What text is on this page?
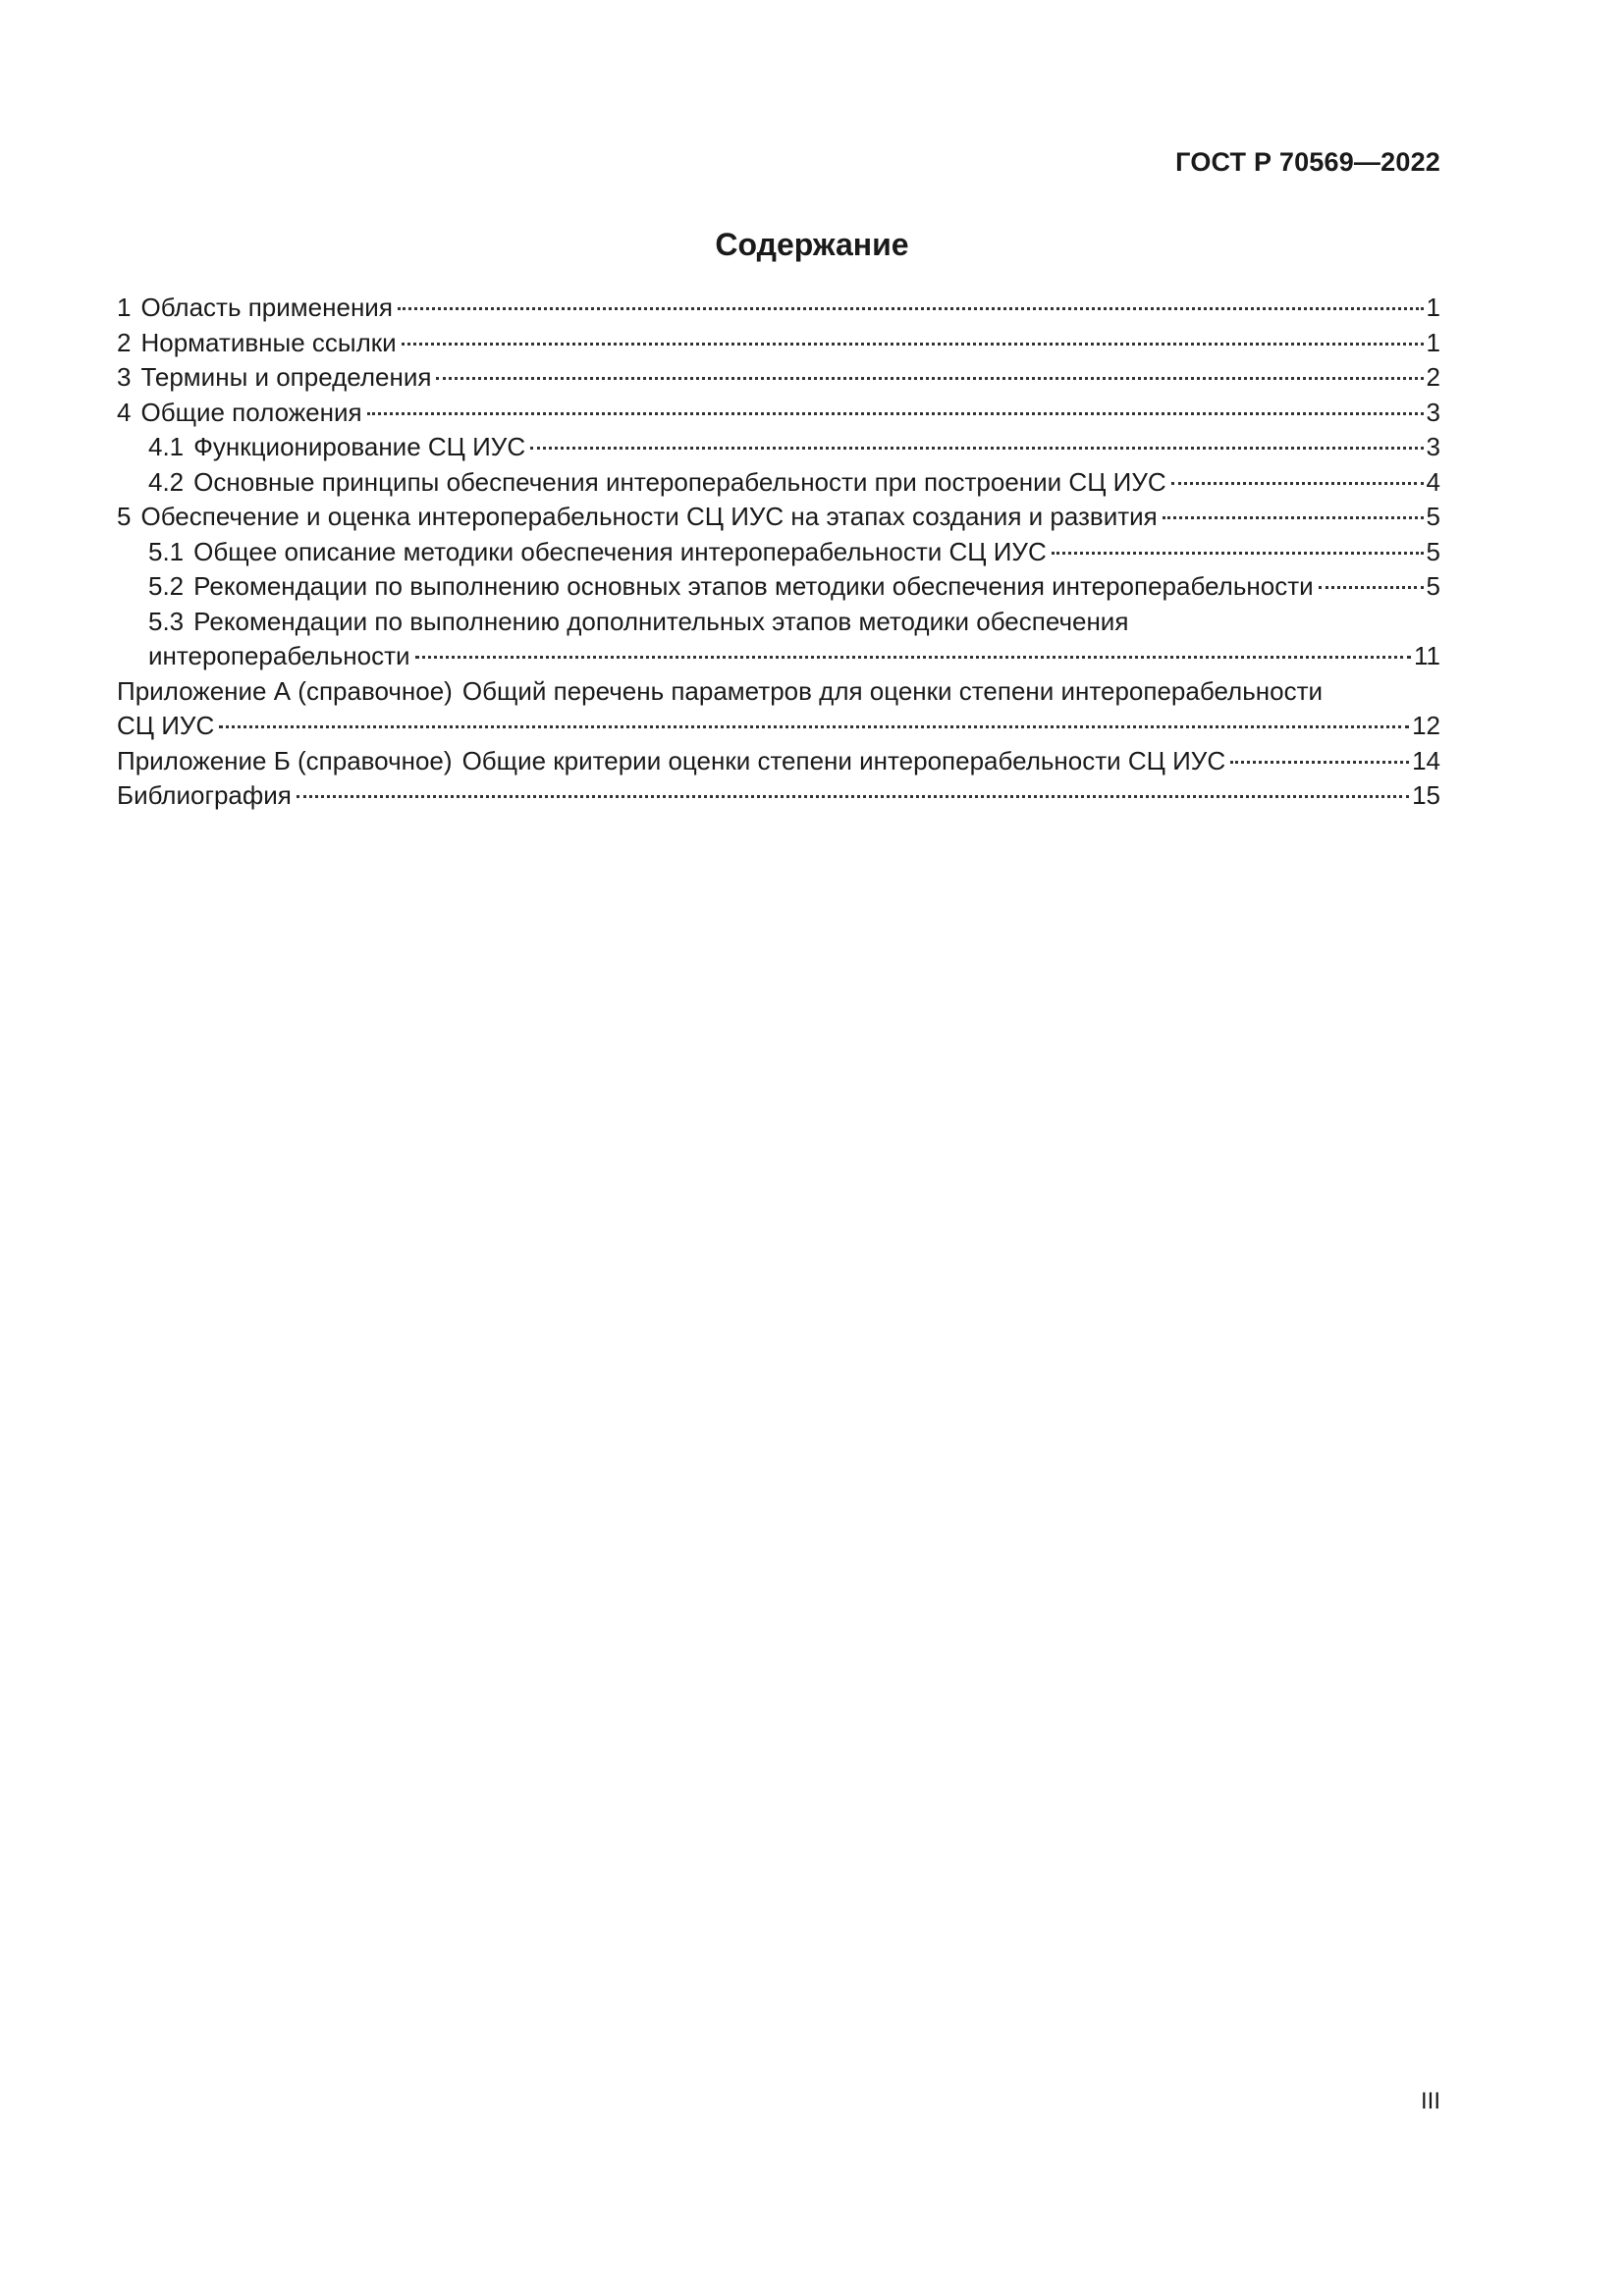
ГОСТ Р 70569—2022
Содержание
1 Область применения	1
2 Нормативные ссылки	1
3 Термины и определения	2
4 Общие положения	3
4.1 Функционирование СЦ ИУС	3
4.2 Основные принципы обеспечения интероперабельности при построении СЦ ИУС	4
5 Обеспечение и оценка интероперабельности СЦ ИУС на этапах создания и развития	5
5.1 Общее описание методики обеспечения интероперабельности СЦ ИУС	5
5.2 Рекомендации по выполнению основных этапов методики обеспечения интероперабельности	5
5.3 Рекомендации по выполнению дополнительных этапов методики обеспечения
интероперабельности	11
Приложение А (справочное) Общий перечень параметров для оценки степени интероперабельности
СЦ ИУС	12
Приложение Б (справочное) Общие критерии оценки степени интероперабельности СЦ ИУС	14
Библиография	15
III
